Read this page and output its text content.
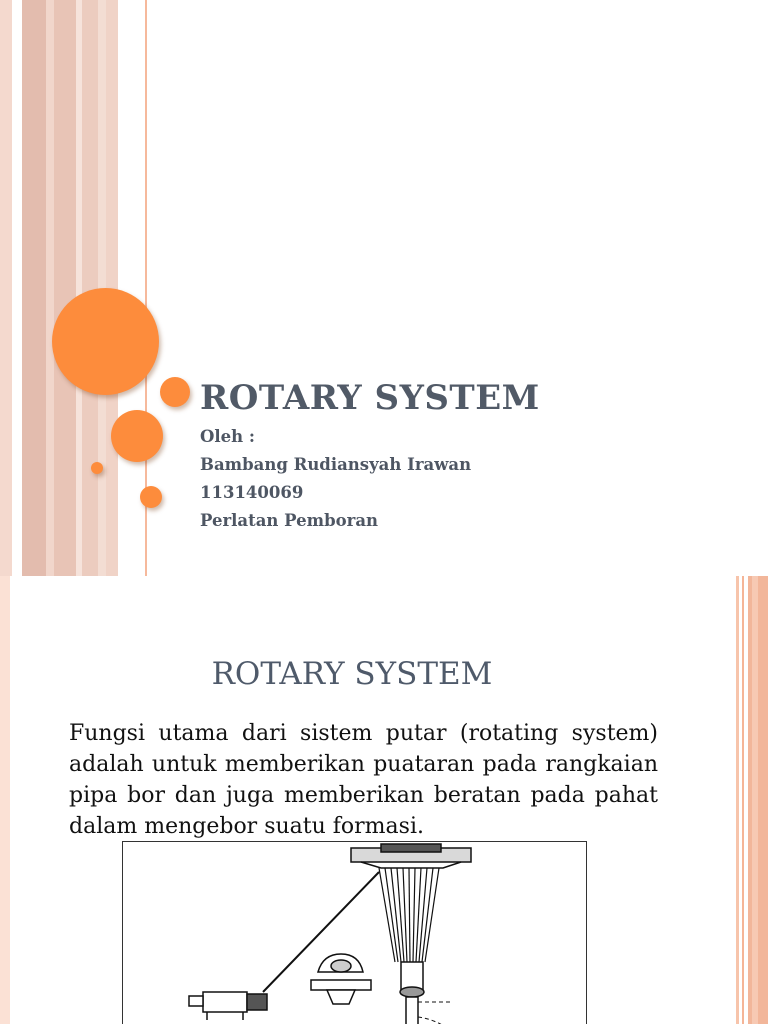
ROTARY SYSTEM
Oleh :
Bambang Rudiansyah Irawan
113140069
Perlatan Pemboran
ROTARY SYSTEM
Fungsi utama dari sistem putar (rotating system) adalah untuk memberikan puataran pada rangkaian pipa bor dan juga memberikan beratan pada pahat dalam mengebor suatu formasi.
